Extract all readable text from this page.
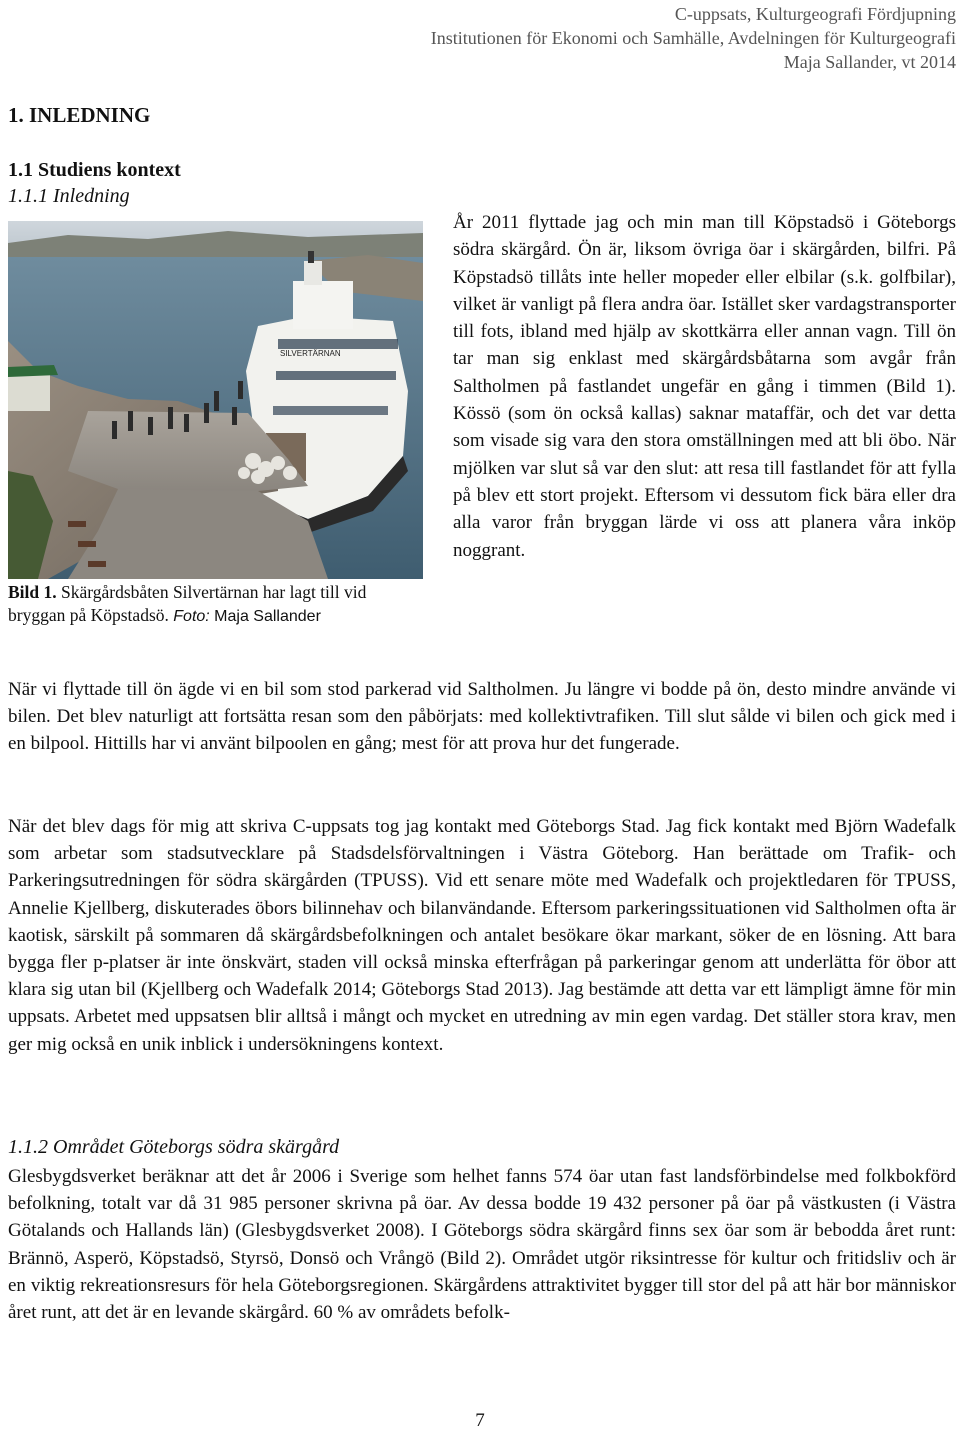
C-uppsats, Kulturgeografi Fördjupning
Institutionen för Ekonomi och Samhälle, Avdelningen för Kulturgeografi
Maja Sallander, vt 2014
1. INLEDNING
1.1 Studiens kontext
1.1.1 Inledning
SILVERTÄRNAN
Bild 1. Skärgårdsbåten Silvertärnan har lagt till vid bryggan på Köpstadsö. Foto: Maja Sallander

År 2011 flyttade jag och min man till Köpstadsö i Göteborgs södra skärgård. Ön är, liksom övriga öar i skärgården, bilfri. På Köpstadsö tillåts inte heller mopeder eller elbilar (s.k. golfbilar), vilket är vanligt på flera andra öar. Istället sker vardagstransporter till fots, ibland med hjälp av skottkärra eller annan vagn. Till ön tar man sig enklast med skärgårdsbåtarna som avgår från Saltholmen på fastlandet ungefär en gång i timmen (Bild 1). Kössö (som ön också kallas) saknar mataffär, och det var detta som visade sig vara den stora omställningen med att bli öbo. När mjölken var slut så var den slut: att resa till fastlandet för att fylla på blev ett stort projekt. Eftersom vi dessutom fick bära eller dra alla varor från bryggan lärde vi oss att planera våra inköp noggrant.

När vi flyttade till ön ägde vi en bil som stod parkerad vid Saltholmen. Ju längre vi bodde på ön, desto mindre använde vi bilen. Det blev naturligt att fortsätta resan som den påbörjats: med kollektivtrafiken. Till slut sålde vi bilen och gick med i en bilpool. Hittills har vi använt bilpoolen en gång; mest för att prova hur det fungerade.

När det blev dags för mig att skriva C-uppsats tog jag kontakt med Göteborgs Stad. Jag fick kontakt med Björn Wadefalk som arbetar som stadsutvecklare på Stadsdelsförvaltningen i Västra Göteborg. Han berättade om Trafik- och Parkeringsutredningen för södra skärgården (TPUSS). Vid ett senare möte med Wadefalk och projektledaren för TPUSS, Annelie Kjellberg, diskuterades öbors bilinnehav och bilanvändande. Eftersom parkeringssituationen vid Saltholmen ofta är kaotisk, särskilt på sommaren då skärgårdsbefolkningen och antalet besökare ökar markant, söker de en lösning. Att bara bygga fler p-platser är inte önskvärt, staden vill också minska efterfrågan på parkeringar genom att underlätta för öbor att klara sig utan bil (Kjellberg och Wadefalk 2014; Göteborgs Stad 2013). Jag bestämde att detta var ett lämpligt ämne för min uppsats. Arbetet med uppsatsen blir alltså i mångt och mycket en utredning av min egen vardag. Det ställer stora krav, men ger mig också en unik inblick i undersökningens kontext.

1.1.2 Området Göteborgs södra skärgård

Glesbygdsverket beräknar att det år 2006 i Sverige som helhet fanns 574 öar utan fast landsförbindelse med folkbokförd befolkning, totalt var då 31 985 personer skrivna på öar. Av dessa bodde 19 432 personer på öar på västkusten (i Västra Götalands och Hallands län) (Glesbygdsverket 2008). I Göteborgs södra skärgård finns sex öar som är bebodda året runt: Brännö, Asperö, Köpstadsö, Styrsö, Donsö och Vrångö (Bild 2). Området utgör riksintresse för kultur och fritidsliv och är en viktig rekreationsresurs för hela Göteborgsregionen. Skärgårdens attraktivitet bygger till stor del på att här bor människor året runt, att det är en levande skärgård. 60 % av områdets befolk-

7
